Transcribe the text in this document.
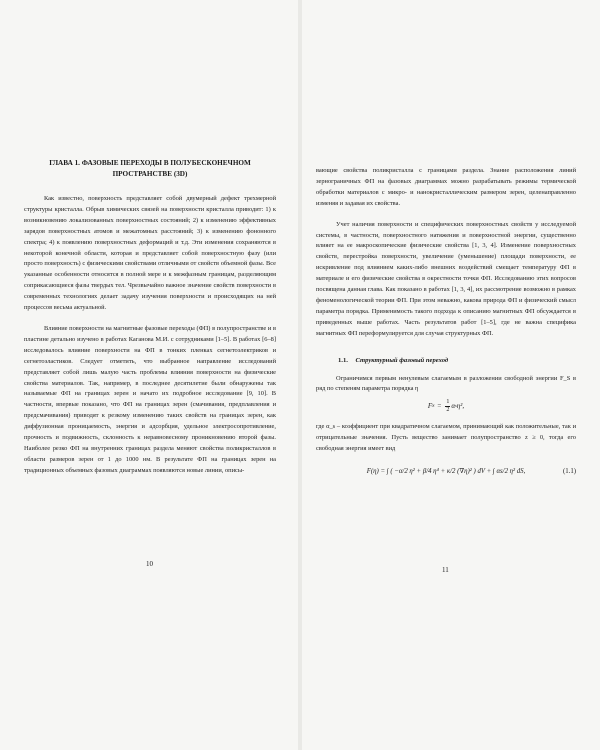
ГЛАВА 1. ФАЗОВЫЕ ПЕРЕХОДЫ В ПОЛУБЕСКОНЕЧНОМ
ПРОСТРАНСТВЕ (3D)

Как известно, поверхность представляет собой двумерный дефект трехмерной структуры кристалла. Обрыв химических связей на поверхности кристалла приводит: 1) к возникновению локализованных поверхностных состояний; 2) к изменению эффективных зарядов поверхностных атомов и межатомных расстояний; 3) к изменению фононного спектра; 4) к появлению поверхностных деформаций и т.д. Эти изменения сохраняются в некоторой конечной области, которая и представляет собой поверхностную фазу (или просто поверхность) с физическими свойствами отличными от свойств объемной фазы. Все указанные особенности относятся в полной мере и к межфазным границам, разделяющим соприкасающиеся фазы твердых тел. Чрезвычайно важное значение свойств поверхности в современных технологиях делает задачу изучения поверхности и происходящих на ней процессов весьма актуальной.

Влияние поверхности на магнитные фазовые переходы (ФП) в полупространстве и в пластине детально изучено в работах Каганова М.И. с сотрудниками [1–5]. В работах [6–8] исследовалось влияние поверхности на ФП в тонких пленках сегнетоэлектриков и сегнетоэластиков. Следует отметить, что выбранное направление исследований представляет собой лишь малую часть проблемы влияния поверхности на физические свойства материалов. Так, например, в последнее десятилетие были обнаружены так называемые ФП на границах зерен и начато их подробное исследование [9, 10]. В частности, впервые показано, что ФП на границах зерен (смачивания, предплавления и предсмачивания) приводят к резкому изменению таких свойств на границах зерен, как диффузионная проницаемость, энергия и адсорбция, удельное электросопротивление, прочность и подвижность, склонность к неравновесному проникновению второй фазы. Наиболее резко ФП на внутренних границах раздела меняют свойства поликристаллов в области размеров зерен от 1 до 1000 нм. В результате ФП на границах зерен на традиционных объемных фазовых диаграммах появляются новые линии, описы-

10

вающие свойства поликристалла с границами раздела. Знание расположения линий зернограничных ФП на фазовых диаграммах можно разрабатывать режимы термической обработки материалов с микро- и нанокристаллическим размером зерен, целенаправленно изменяя и задавая их свойства.

Учет наличия поверхности и специфических поверхностных свойств у исследуемой системы, в частности, поверхностного натяжения и поверхностной энергии, существенно влияет на ее макроскопические физические свойства [1, 3, 4]. Изменение поверхностных свойств, перестройка поверхности, увеличение (уменьшение) площади поверхности, ее искривление под влиянием каких-либо внешних воздействий смещает температуру ФП в материале и его физические свойства в окрестности точки ФП. Исследованию этих вопросов посвящена данная глава. Как показано в работах [1, 3, 4], их рассмотрение возможно в рамках феноменологической теории ФП. При этом неважно, какова природа ФП и физический смысл параметра порядка. Применимость такого подхода к описанию магнитных ФП обсуждается в приведенных выше работах. Часть результатов работ [1–5], где не важна специфика магнитных ФП переформулируется для случая структурных ФП.

1.1. Структурный фазовый переход

Ограничимся первым ненулевым слагаемым в разложении свободной энергии F_S в ряд по степеням параметра порядка η

F $S = \frac{1}{2}$ α s η²,

где α_s – коэффициент при квадратичном слагаемом, принимающий как положительные, так и отрицательные значения. Пусть вещество занимает полупространство z ≥ 0, тогда его свободная энергия имеет вид

F(η) = ∫ ( −α/2 η² + β/4 η⁴ + κ/2 (∇η)² ) dV + ∫ αs/2 η² dS,	(1.1)
11
